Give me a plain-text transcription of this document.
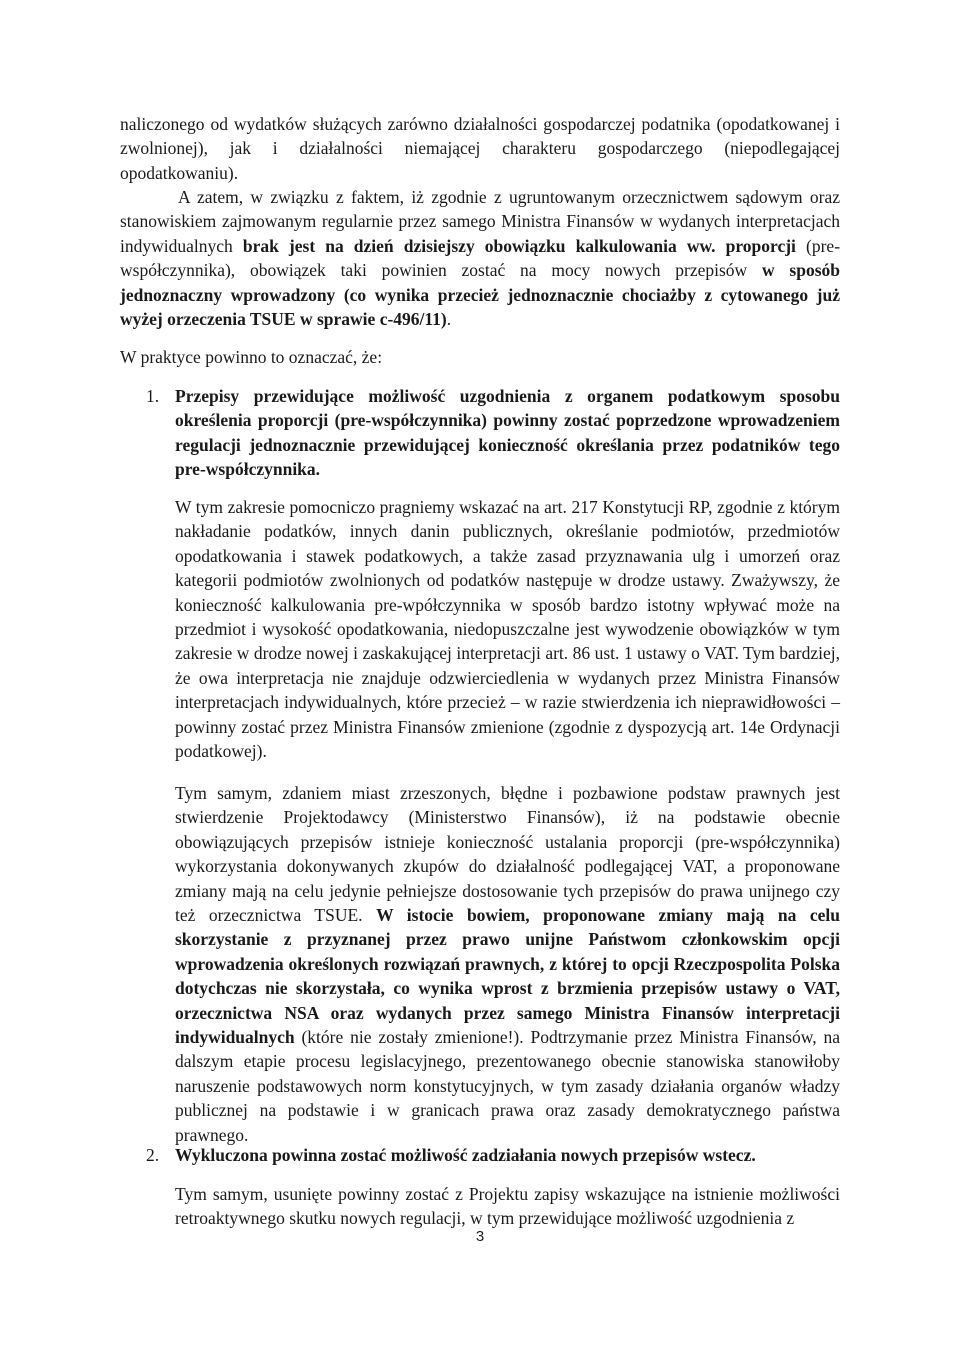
naliczonego od wydatków służących zarówno działalności gospodarczej podatnika (opodatkowanej i zwolnionej), jak i działalności niemającej charakteru gospodarczego (niepodlegającej opodatkowaniu).

A zatem, w związku z faktem, iż zgodnie z ugruntowanym orzecznictwem sądowym oraz stanowiskiem zajmowanym regularnie przez samego Ministra Finansów w wydanych interpretacjach indywidualnych brak jest na dzień dzisiejszy obowiązku kalkulowania ww. proporcji (pre-współczynnika), obowiązek taki powinien zostać na mocy nowych przepisów w sposób jednoznaczny wprowadzony (co wynika przecież jednoznacznie chociażby z cytowanego już wyżej orzeczenia TSUE w sprawie c-496/11).

W praktyce powinno to oznaczać, że:

1. Przepisy przewidujące możliwość uzgodnienia z organem podatkowym sposobu określenia proporcji (pre-współczynnika) powinny zostać poprzedzone wprowadzeniem regulacji jednoznacznie przewidującej konieczność określania przez podatników tego pre-współczynnika.

W tym zakresie pomocniczo pragniemy wskazać na art. 217 Konstytucji RP, zgodnie z którym nakładanie podatków, innych danin publicznych, określanie podmiotów, przedmiotów opodatkowania i stawek podatkowych, a także zasad przyznawania ulg i umorzeń oraz kategorii podmiotów zwolnionych od podatków następuje w drodze ustawy. Zważywszy, że konieczność kalkulowania pre-wpółczynnika w sposób bardzo istotny wpływać może na przedmiot i wysokość opodatkowania, niedopuszczalne jest wywodzenie obowiązków w tym zakresie w drodze nowej i zaskakującej interpretacji art. 86 ust. 1 ustawy o VAT. Tym bardziej, że owa interpretacja nie znajduje odzwierciedlenia w wydanych przez Ministra Finansów interpretacjach indywidualnych, które przecież – w razie stwierdzenia ich nieprawidłowości – powinny zostać przez Ministra Finansów zmienione (zgodnie z dyspozycją art. 14e Ordynacji podatkowej).

Tym samym, zdaniem miast zrzeszonych, błędne i pozbawione podstaw prawnych jest stwierdzenie Projektodawcy (Ministerstwo Finansów), iż na podstawie obecnie obowiązujących przepisów istnieje konieczność ustalania proporcji (pre-współczynnika) wykorzystania dokonywanych zkupów do działalność podlegającej VAT, a proponowane zmiany mają na celu jedynie pełniejsze dostosowanie tych przepisów do prawa unijnego czy też orzecznictwa TSUE. W istocie bowiem, proponowane zmiany mają na celu skorzystanie z przyznanej przez prawo unijne Państwom członkowskim opcji wprowadzenia określonych rozwiązań prawnych, z której to opcji Rzeczpospolita Polska dotychczas nie skorzystała, co wynika wprost z brzmienia przepisów ustawy o VAT, orzecznictwa NSA oraz wydanych przez samego Ministra Finansów interpretacji indywidualnych (które nie zostały zmienione!). Podtrzymanie przez Ministra Finansów, na dalszym etapie procesu legislacyjnego, prezentowanego obecnie stanowiska stanowiłoby naruszenie podstawowych norm konstytucyjnych, w tym zasady działania organów władzy publicznej na podstawie i w granicach prawa oraz zasady demokratycznego państwa prawnego.

2. Wykluczona powinna zostać możliwość zadziałania nowych przepisów wstecz.

Tym samym, usunięte powinny zostać z Projektu zapisy wskazujące na istnienie możliwości retroaktywnego skutku nowych regulacji, w tym przewidujące możliwość uzgodnienia z

3
